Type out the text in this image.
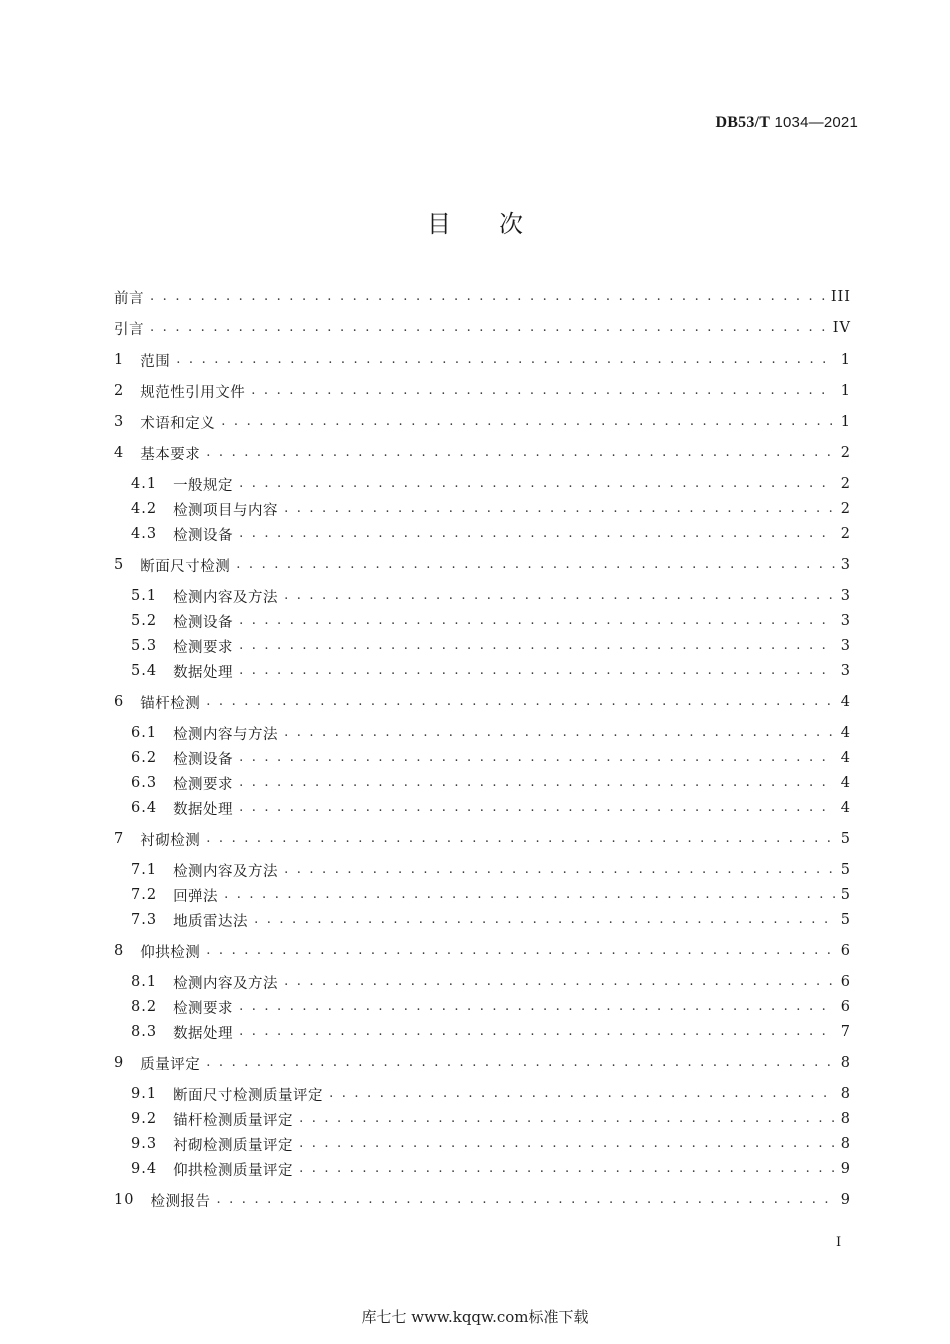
DB53/T 1034—2021
目 次
前言 . . .	III
引言 . . .	IV
1 范围 . . .	1
2 规范性引用文件 . . .	1
3 术语和定义 . . .	1
4 基本要求 . . .	2
4.1 一般规定 . . .	2
4.2 检测项目与内容 . . .	2
4.3 检测设备 . . .	2
5 断面尺寸检测 . . .	3
5.1 检测内容及方法 . . .	3
5.2 检测设备 . . .	3
5.3 检测要求 . . .	3
5.4 数据处理 . . .	3
6 锚杆检测 . . .	4
6.1 检测内容与方法 . . .	4
6.2 检测设备 . . .	4
6.3 检测要求 . . .	4
6.4 数据处理 . . .	4
7 衬砌检测 . . .	5
7.1 检测内容及方法 . . .	5
7.2 回弹法 . . .	5
7.3 地质雷达法 . . .	5
8 仰拱检测 . . .	6
8.1 检测内容及方法 . . .	6
8.2 检测要求 . . .	6
8.3 数据处理 . . .	7
9 质量评定 . . .	8
9.1 断面尺寸检测质量评定 . . .	8
9.2 锚杆检测质量评定 . . .	8
9.3 衬砌检测质量评定 . . .	8
9.4 仰拱检测质量评定 . . .	9
10 检测报告 . . .	9
I
库七七 www.kqqw.com标准下载
